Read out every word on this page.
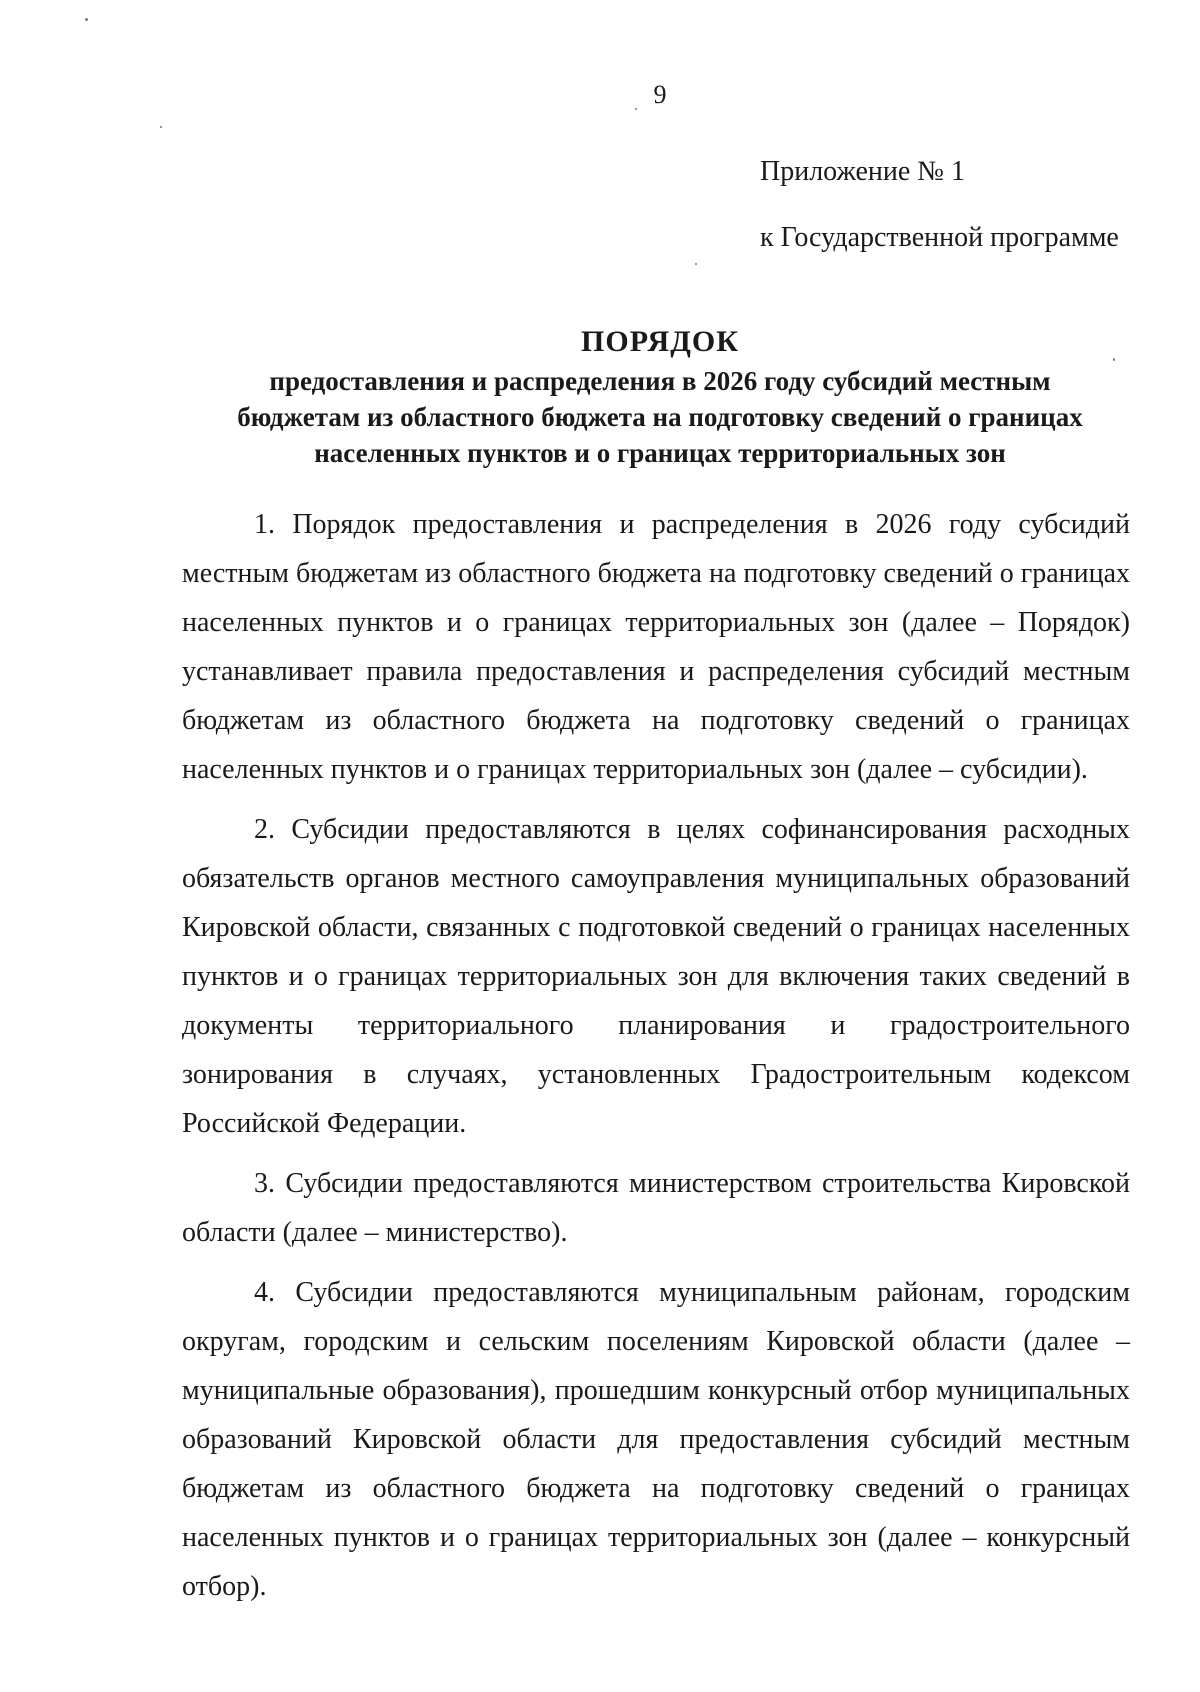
9
Приложение № 1
к Государственной программе
ПОРЯДОК
предоставления и распределения в 2026 году субсидий местным
бюджетам из областного бюджета на подготовку сведений о границах
населенных пунктов и о границах территориальных зон

1. Порядок предоставления и распределения в 2026 году субсидий местным бюджетам из областного бюджета на подготовку сведений о границах населенных пунктов и о границах территориальных зон (далее – Порядок) устанавливает правила предоставления и распределения субсидий местным бюджетам из областного бюджета на подготовку сведений о границах населенных пунктов и о границах территориальных зон (далее – субсидии).

2. Субсидии предоставляются в целях софинансирования расходных обязательств органов местного самоуправления муниципальных образований Кировской области, связанных с подготовкой сведений о границах населенных пунктов и о границах территориальных зон для включения таких сведений в документы территориального планирования и градостроительного зонирования в случаях, установленных Градостроительным кодексом Российской Федерации.

3. Субсидии предоставляются министерством строительства Кировской области (далее – министерство).

4. Субсидии предоставляются муниципальным районам, городским округам, городским и сельским поселениям Кировской области (далее – муниципальные образования), прошедшим конкурсный отбор муниципальных образований Кировской области для предоставления субсидий местным бюджетам из областного бюджета на подготовку сведений о границах населенных пунктов и о границах территориальных зон (далее – конкурсный отбор).
